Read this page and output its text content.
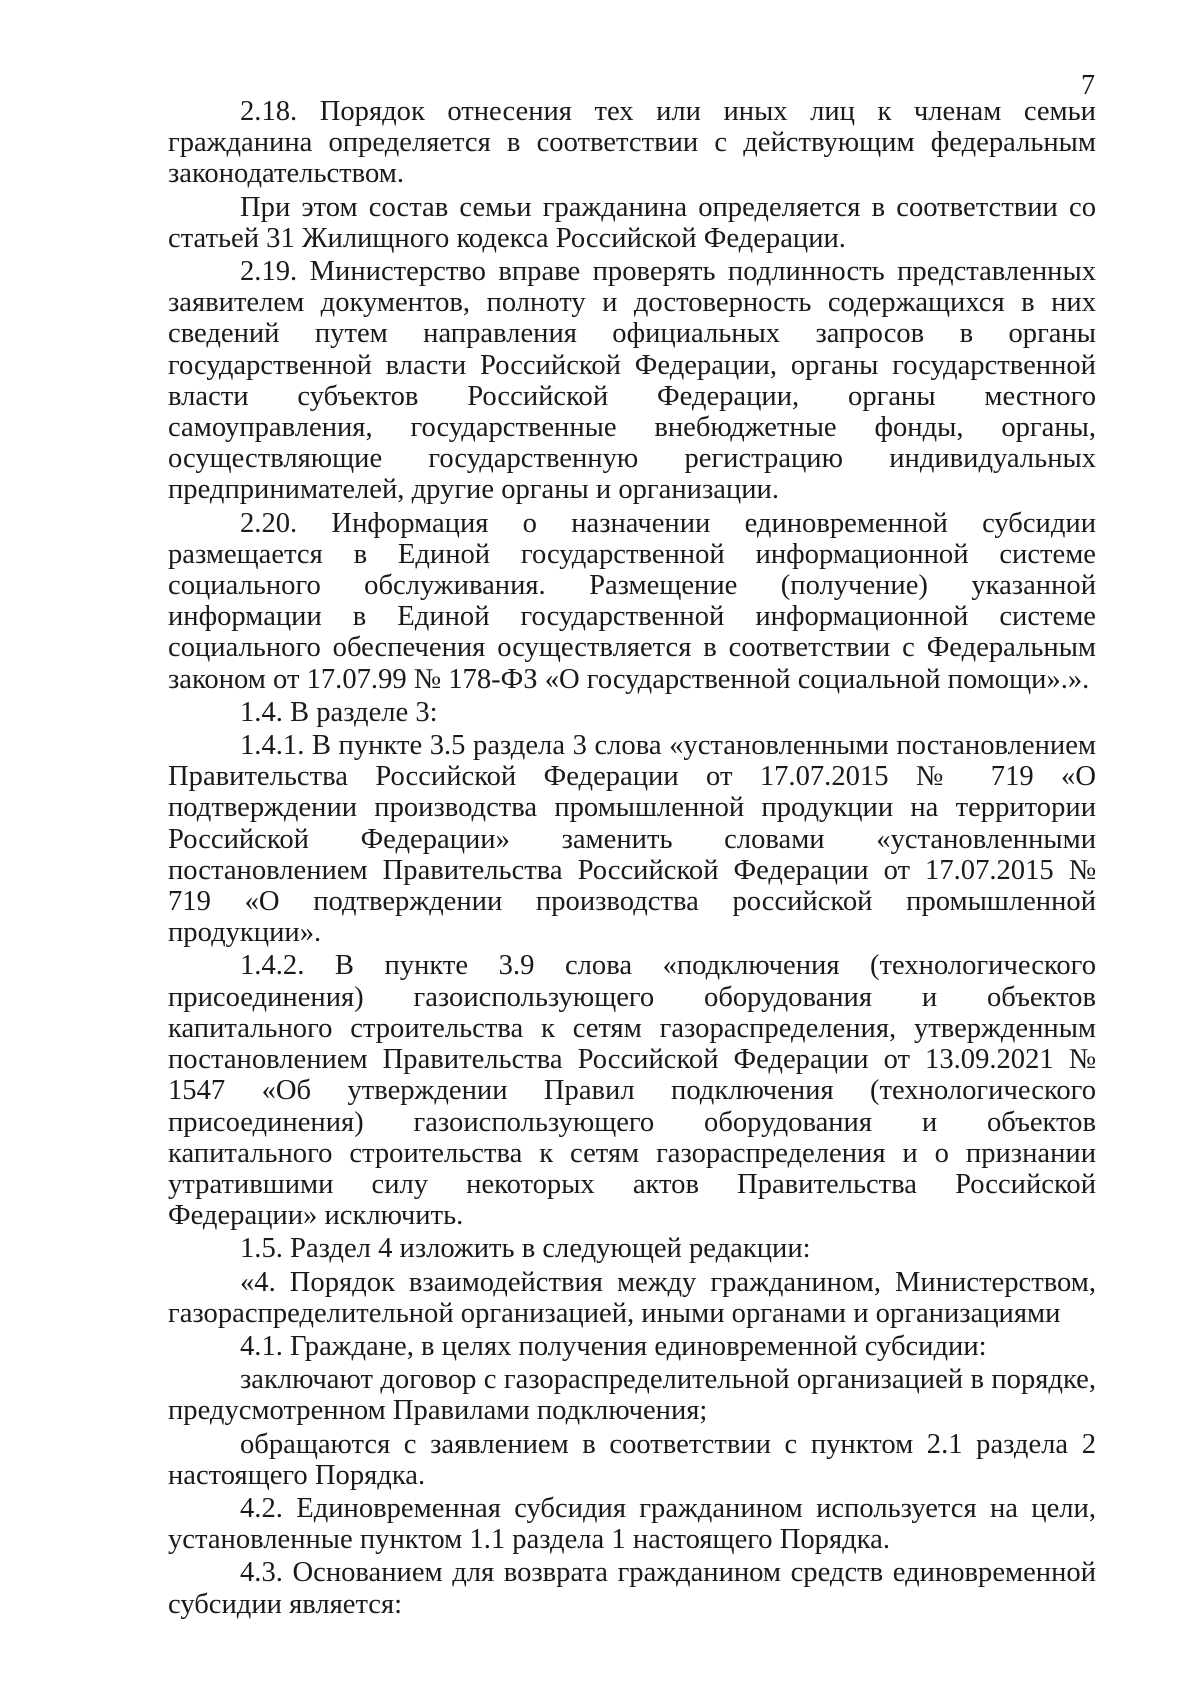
7

2.18. Порядок отнесения тех или иных лиц к членам семьи гражданина определяется в соответствии с действующим федеральным законодательством.

При этом состав семьи гражданина определяется в соответствии со статьей 31 Жилищного кодекса Российской Федерации.

2.19. Министерство вправе проверять подлинность представленных заявителем документов, полноту и достоверность содержащихся в них сведений путем направления официальных запросов в органы государственной власти Российской Федерации, органы государственной власти субъектов Российской Федерации, органы местного самоуправления, государственные внебюджетные фонды, органы, осуществляющие государственную регистрацию индивидуальных предпринимателей, другие органы и организации.

2.20. Информация о назначении единовременной субсидии размещается в Единой государственной информационной системе социального обслуживания. Размещение (получение) указанной информации в Единой государственной информационной системе социального обеспечения осуществляется в соответствии с Федеральным законом от 17.07.99 № 178-ФЗ «О государственной социальной помощи».».

1.4. В разделе 3:

1.4.1. В пункте 3.5 раздела 3 слова «установленными постановлением Правительства Российской Федерации от 17.07.2015 № 719 «О подтверждении производства промышленной продукции на территории Российской Федерации» заменить словами «установленными постановлением Правительства Российской Федерации от 17.07.2015 № 719 «О подтверждении производства российской промышленной продукции».

1.4.2. В пункте 3.9 слова «подключения (технологического присоединения) газоиспользующего оборудования и объектов капитального строительства к сетям газораспределения, утвержденным постановлением Правительства Российской Федерации от 13.09.2021 № 1547 «Об утверждении Правил подключения (технологического присоединения) газоиспользующего оборудования и объектов капитального строительства к сетям газораспределения и о признании утратившими силу некоторых актов Правительства Российской Федерации» исключить.

1.5. Раздел 4 изложить в следующей редакции:

«4. Порядок взаимодействия между гражданином, Министерством, газораспределительной организацией, иными органами и организациями

4.1. Граждане, в целях получения единовременной субсидии:

заключают договор с газораспределительной организацией в порядке, предусмотренном Правилами подключения;

обращаются с заявлением в соответствии с пунктом 2.1 раздела 2 настоящего Порядка.

4.2. Единовременная субсидия гражданином используется на цели, установленные пунктом 1.1 раздела 1 настоящего Порядка.

4.3. Основанием для возврата гражданином средств единовременной субсидии является:
